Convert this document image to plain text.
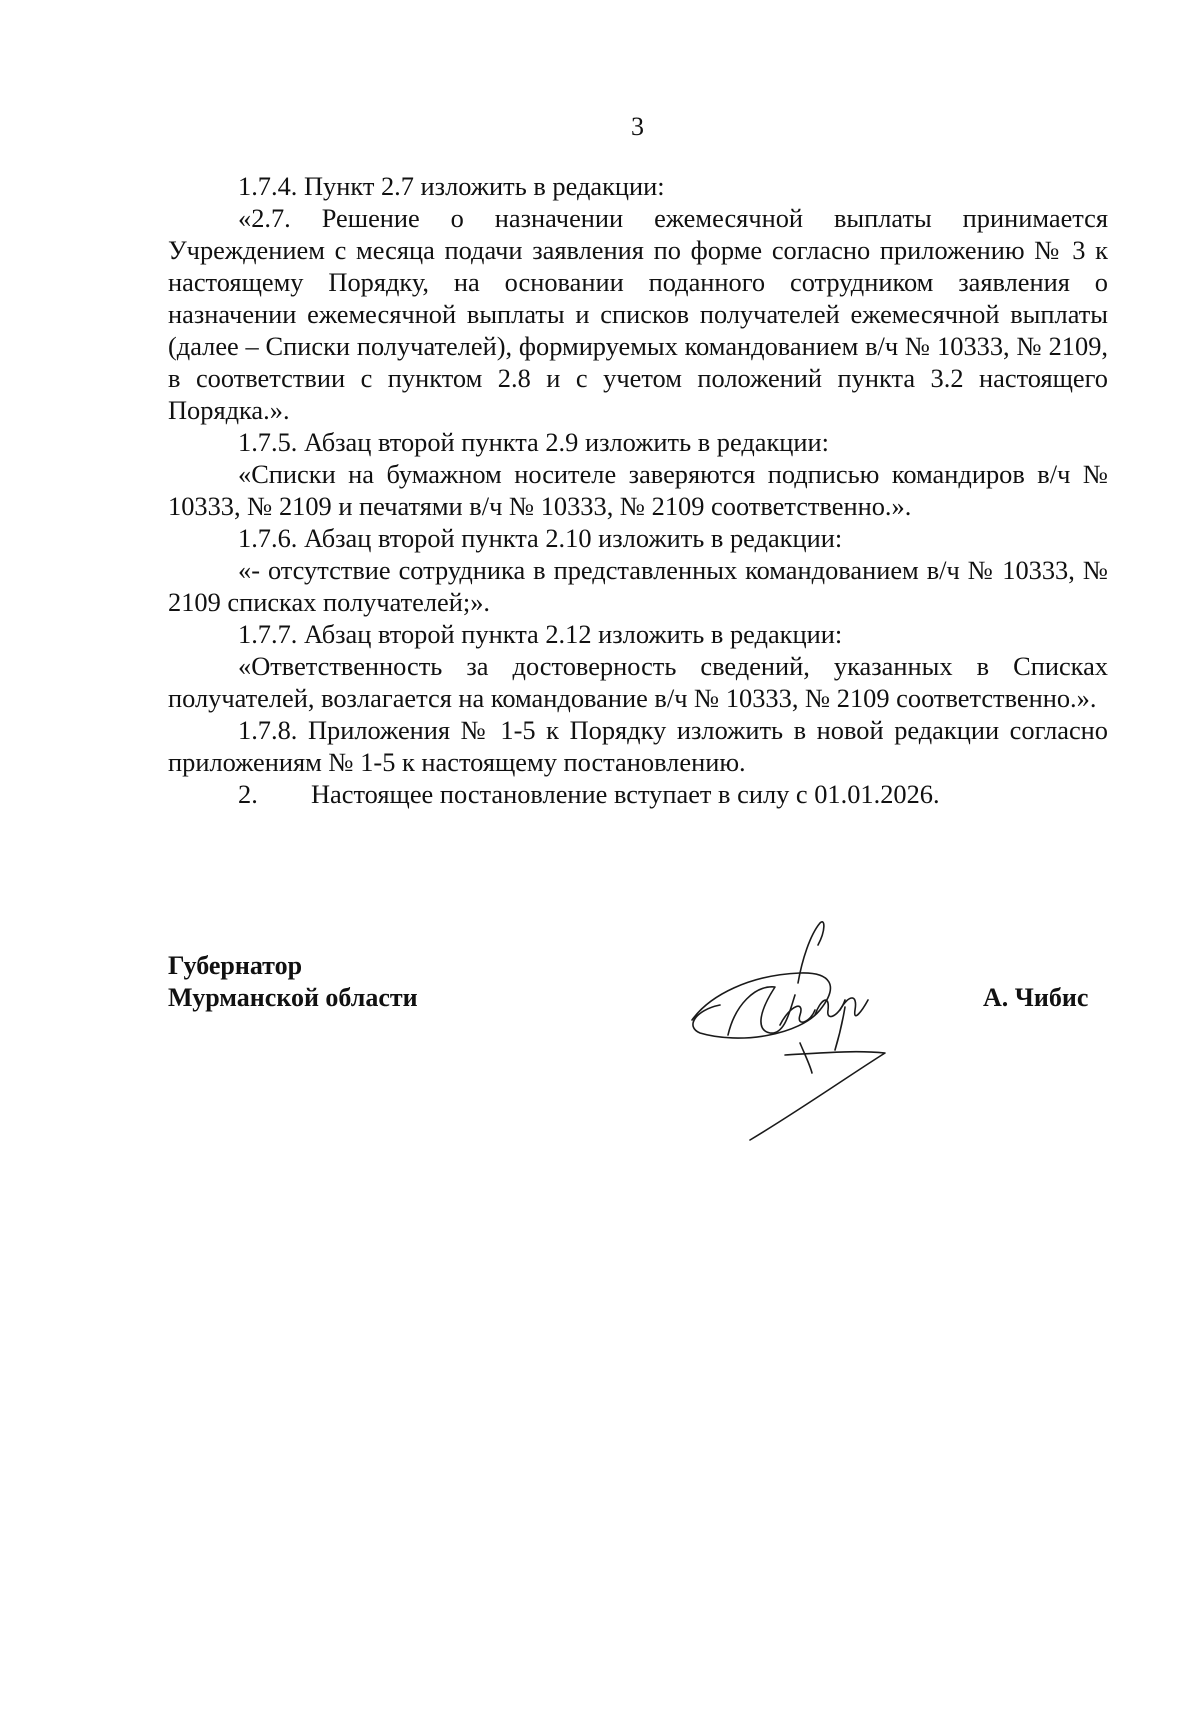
3

1.7.4. Пункт 2.7 изложить в редакции:

«2.7. Решение о назначении ежемесячной выплаты принимается Учреждением с месяца подачи заявления по форме согласно приложению № 3 к настоящему Порядку, на основании поданного сотрудником заявления о назначении ежемесячной выплаты и списков получателей ежемесячной выплаты (далее – Списки получателей), формируемых командованием в/ч № 10333, № 2109, в соответствии с пунктом 2.8 и с учетом положений пункта 3.2 настоящего Порядка.».

1.7.5. Абзац второй пункта 2.9 изложить в редакции:

«Списки на бумажном носителе заверяются подписью командиров в/ч № 10333, № 2109 и печатями в/ч № 10333, № 2109 соответственно.».

1.7.6. Абзац второй пункта 2.10 изложить в редакции:

«- отсутствие сотрудника в представленных командованием в/ч № 10333, № 2109 списках получателей;».

1.7.7. Абзац второй пункта 2.12 изложить в редакции:

«Ответственность за достоверность сведений, указанных в Списках получателей, возлагается на командование в/ч № 10333, № 2109 соответственно.».

1.7.8. Приложения № 1-5 к Порядку изложить в новой редакции согласно приложениям № 1-5 к настоящему постановлению.

2. Настоящее постановление вступает в силу с 01.01.2026.

Губернатор
Мурманской области	А. Чибис
